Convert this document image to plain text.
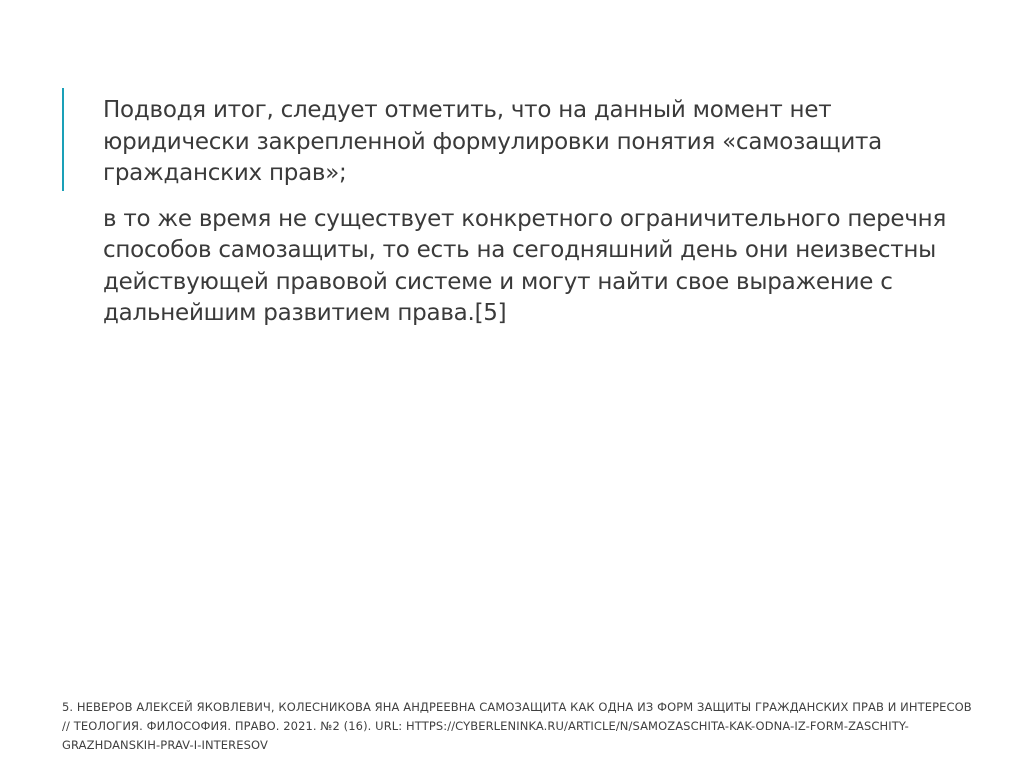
Подводя итог, следует отметить, что на данный момент нет юридически закрепленной формулировки понятия «самозащита гражданских прав»;

в то же время не существует конкретного ограничительного перечня способов самозащиты, то есть на сегодняшний день они неизвестны действующей правовой системе и могут найти свое выражение с дальнейшим развитием права.[5]

5. НЕВЕРОВ АЛЕКСЕЙ ЯКОВЛЕВИЧ, КОЛЕСНИКОВА ЯНА АНДРЕЕВНА САМОЗАЩИТА КАК ОДНА ИЗ ФОРМ ЗАЩИТЫ ГРАЖДАНСКИХ ПРАВ И ИНТЕРЕСОВ // ТЕОЛОГИЯ. ФИЛОСОФИЯ. ПРАВО. 2021. №2 (16). URL: HTTPS://CYBERLENINKA.RU/ARTICLE/N/SAMOZASCHITA-KAK-ODNA-IZ-FORM-ZASCHITY-GRAZHDANSKIH-PRAV-I-INTERESOV
